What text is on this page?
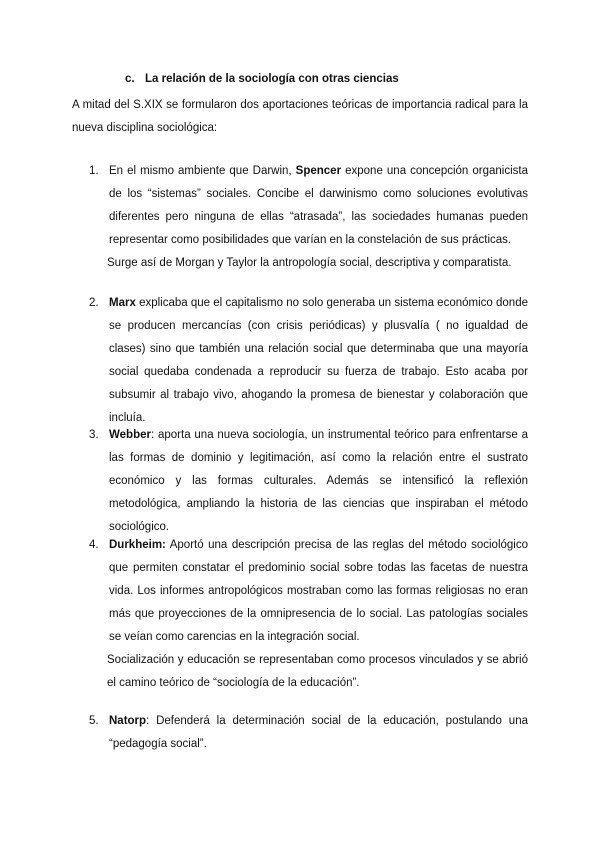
c. La relación de la sociología con otras ciencias
A mitad del S.XIX se formularon dos aportaciones teóricas de importancia radical para la nueva disciplina sociológica:
1. En el mismo ambiente que Darwin, Spencer expone una concepción organicista de los “sistemas” sociales. Concibe el darwinismo como soluciones evolutivas diferentes pero ninguna de ellas “atrasada”, las sociedades humanas pueden representar como posibilidades que varían en la constelación de sus prácticas.

Surge así de Morgan y Taylor la antropología social, descriptiva y comparatista.

2. Marx explicaba que el capitalismo no solo generaba un sistema económico donde se producen mercancías (con crisis periódicas) y plusvalía ( no igualdad de clases) sino que también una relación social que determinaba que una mayoría social quedaba condenada a reproducir su fuerza de trabajo. Esto acaba por subsumir al trabajo vivo, ahogando la promesa de bienestar y colaboración que incluía.

3. Webber: aporta una nueva sociología, un instrumental teórico para enfrentarse a las formas de dominio y legitimación, así como la relación entre el sustrato económico y las formas culturales. Además se intensificó la reflexión metodológica, ampliando la historia de las ciencias que inspiraban el método sociológico.

4. Durkheim: Aportó una descripción precisa de las reglas del método sociológico que permiten constatar el predominio social sobre todas las facetas de nuestra vida. Los informes antropológicos mostraban como las formas religiosas no eran más que proyecciones de la omnipresencia de lo social. Las patologías sociales se veían como carencias en la integración social.

Socialización y educación se representaban como procesos vinculados y se abrió el camino teórico de “sociología de la educación”.

5. Natorp: Defenderá la determinación social de la educación, postulando una “pedagogía social”.
